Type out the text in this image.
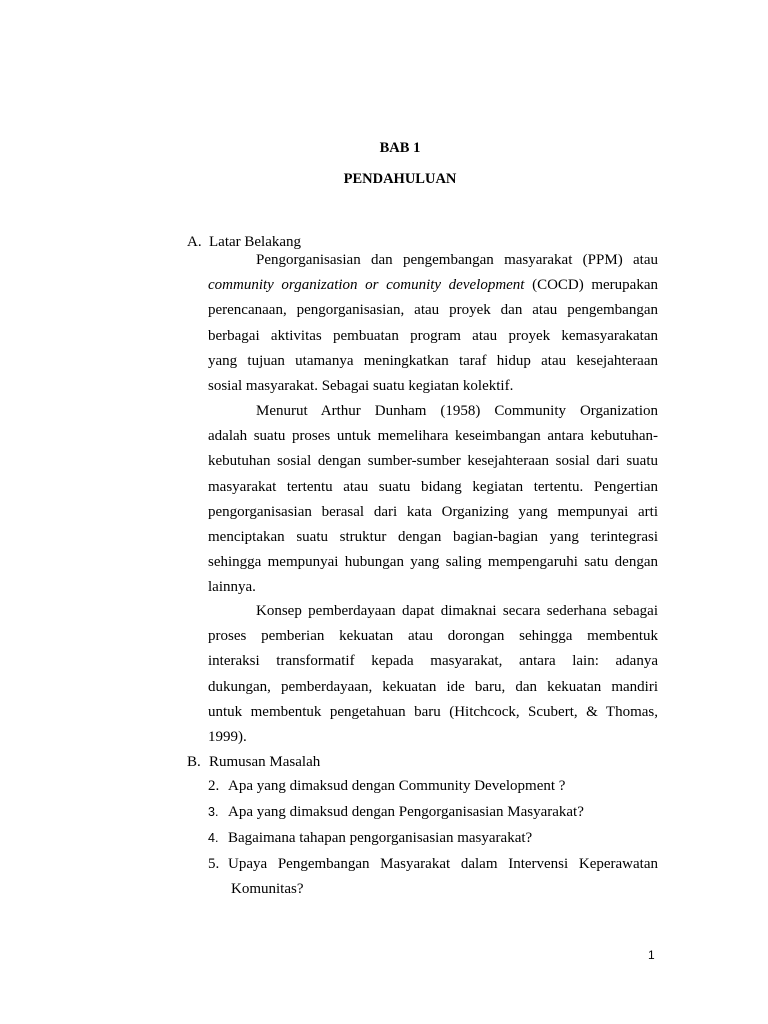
BAB 1
PENDAHULUAN
A. Latar Belakang
Pengorganisasian dan pengembangan masyarakat (PPM) atau
community organization or comunity development (COCD) merupakan
perencanaan, pengorganisasian, atau proyek dan atau pengembangan
berbagai aktivitas pembuatan program atau proyek kemasyarakatan
yang tujuan utamanya meningkatkan taraf hidup atau kesejahteraan
sosial masyarakat. Sebagai suatu kegiatan kolektif.
Menurut Arthur Dunham (1958) Community Organization
adalah suatu proses untuk memelihara keseimbangan antara kebutuhan-
kebutuhan sosial dengan sumber-sumber kesejahteraan sosial dari suatu
masyarakat tertentu atau suatu bidang kegiatan tertentu. Pengertian
pengorganisasian berasal dari kata Organizing yang mempunyai arti
menciptakan suatu struktur dengan bagian-bagian yang terintegrasi
sehingga mempunyai hubungan yang saling mempengaruhi satu dengan
lainnya.
Konsep pemberdayaan dapat dimaknai secara sederhana sebagai
proses pemberian kekuatan atau dorongan sehingga membentuk
interaksi transformatif kepada masyarakat, antara lain: adanya
dukungan, pemberdayaan, kekuatan ide baru, dan kekuatan mandiri
untuk membentuk pengetahuan baru (Hitchcock, Scubert, & Thomas,
1999).
B. Rumusan Masalah
2. Apa yang dimaksud dengan Community Development ?
3. Apa yang dimaksud dengan Pengorganisasian Masyarakat?
4. Bagaimana tahapan pengorganisasian masyarakat?
5. Upaya Pengembangan Masyarakat dalam Intervensi Keperawatan
Komunitas?
1
